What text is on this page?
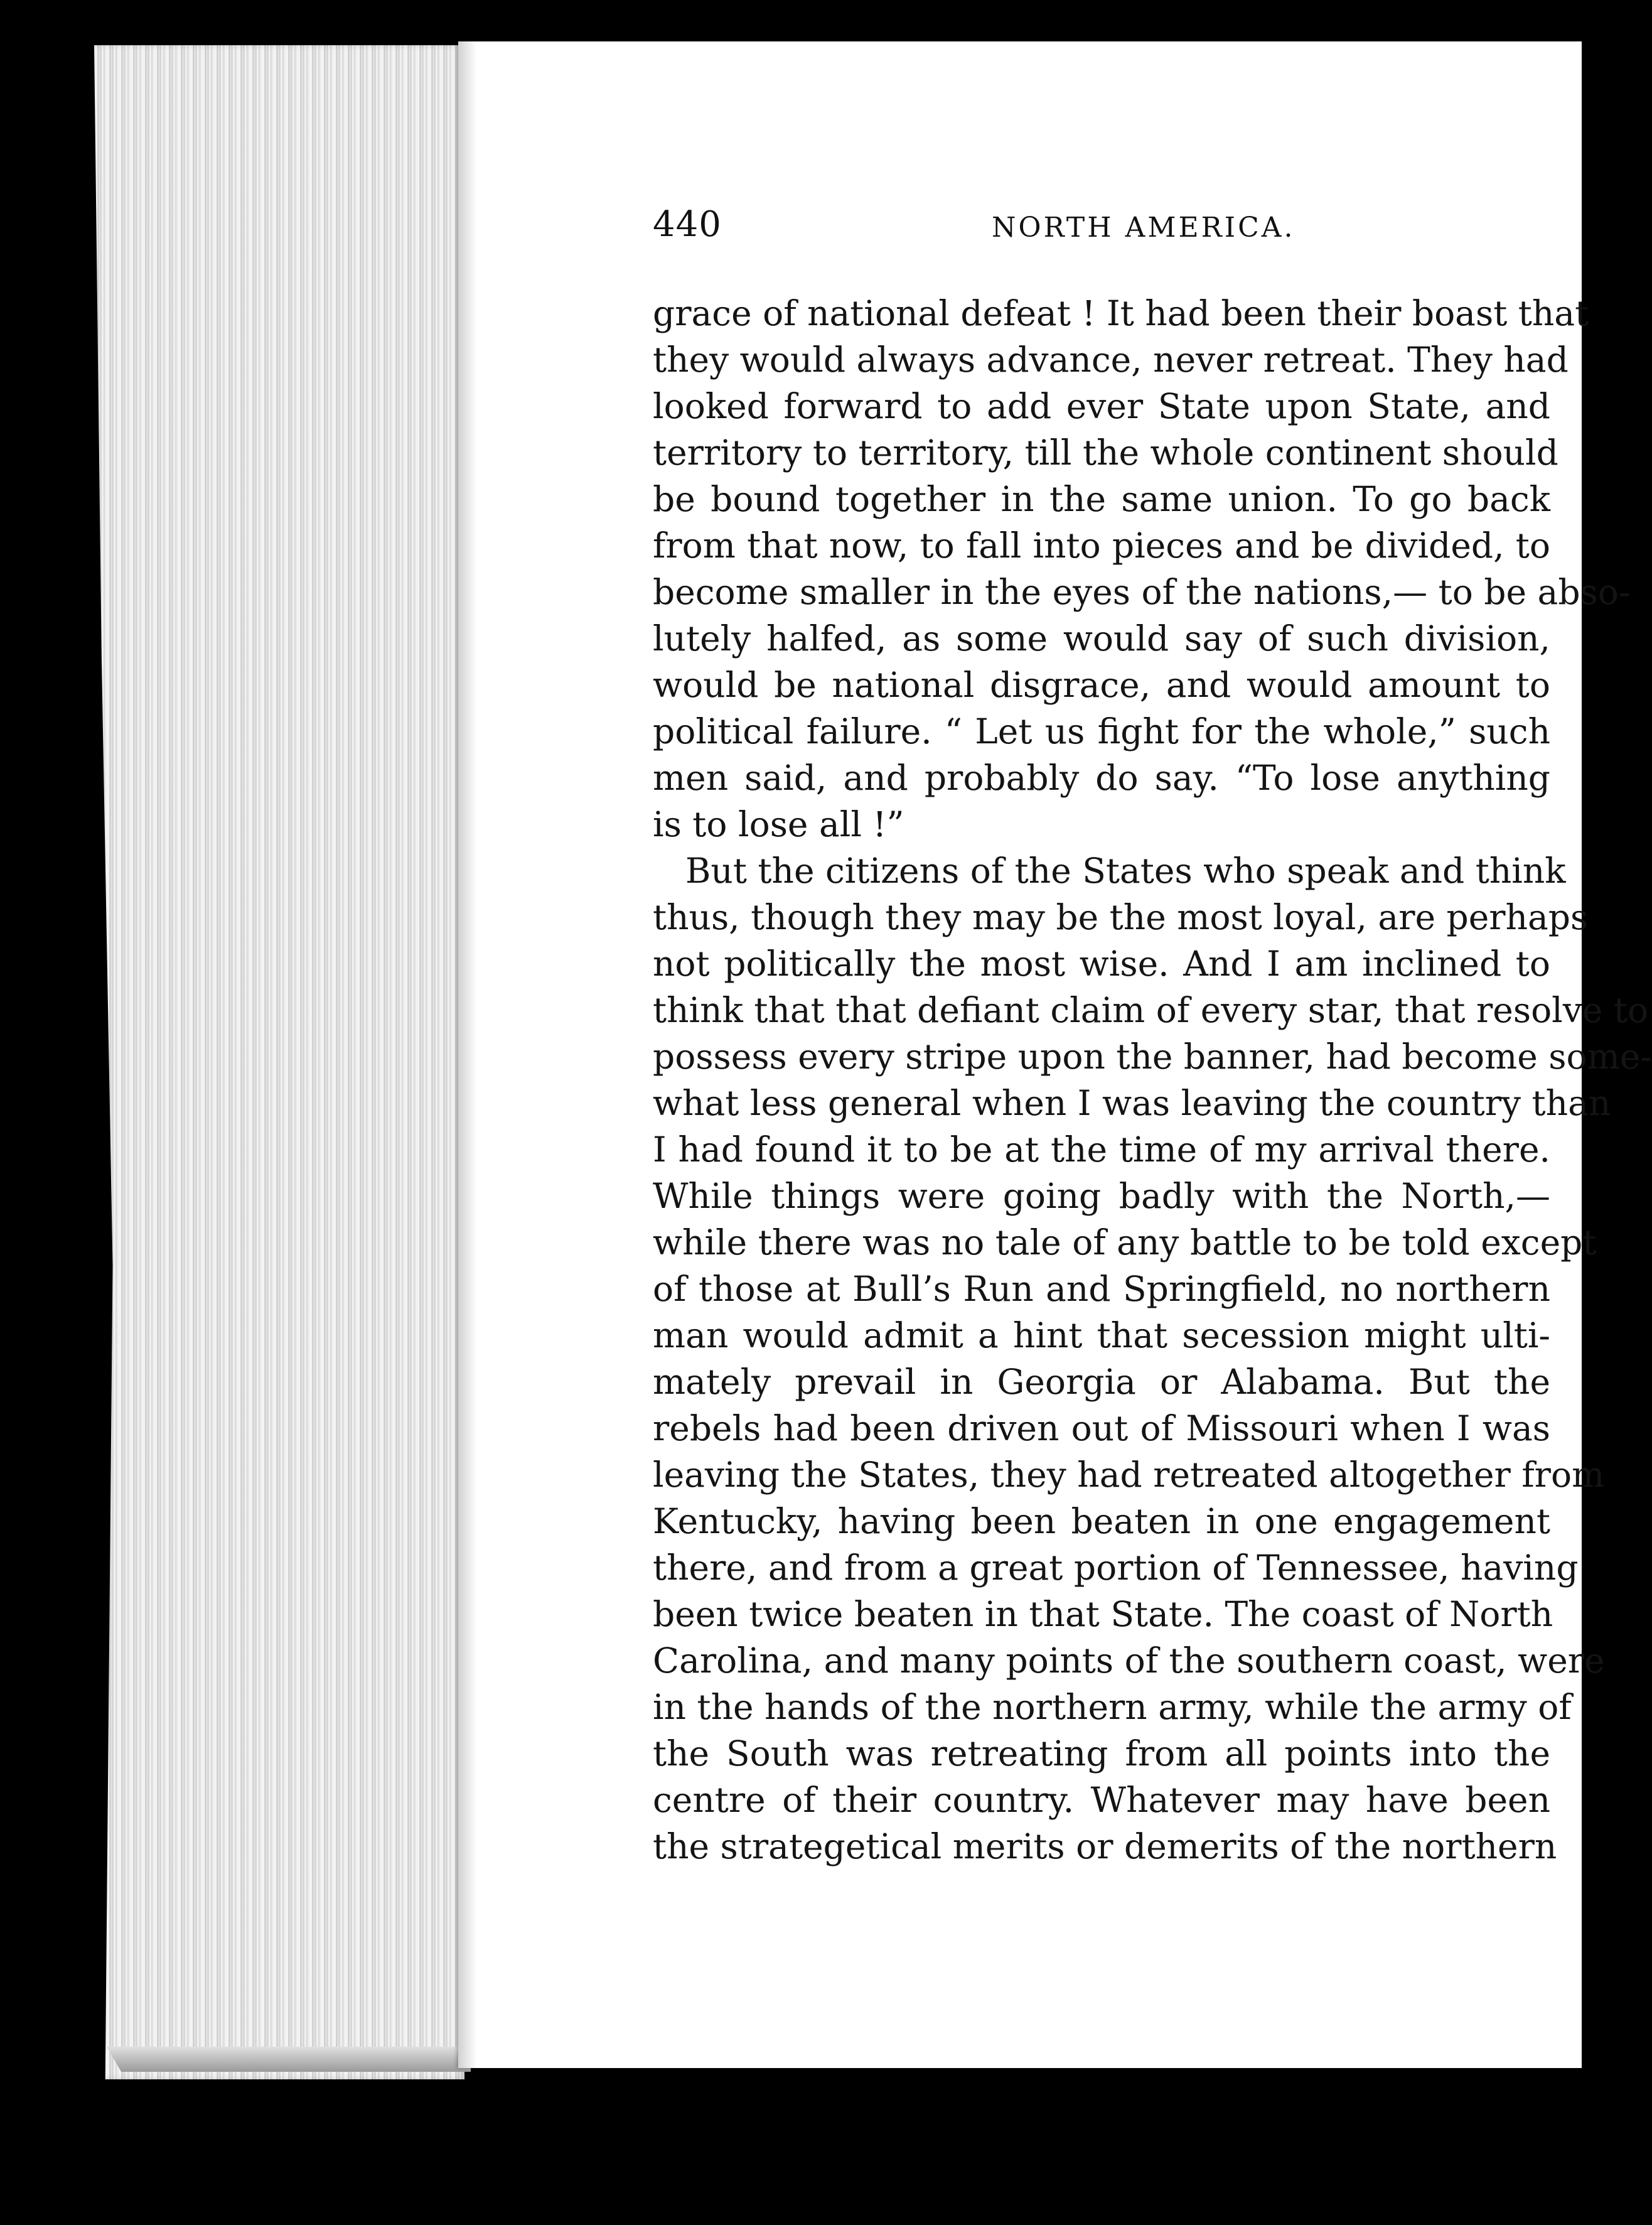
440	NORTH AMERICA.
grace of national defeat ! It had been their boast that
they would always advance, never retreat. They had
looked forward to add ever State upon State, and
territory to territory, till the whole continent should
be bound together in the same union. To go back
from that now, to fall into pieces and be divided, to
become smaller in the eyes of the nations,— to be abso-
lutely halfed, as some would say of such division,
would be national disgrace, and would amount to
political failure. “ Let us fight for the whole,” such
men said, and probably do say. “To lose anything
is to lose all !”
But the citizens of the States who speak and think
thus, though they may be the most loyal, are perhaps
not politically the most wise. And I am inclined to
think that that defiant claim of every star, that resolve to
possess every stripe upon the banner, had become some-
what less general when I was leaving the country than
I had found it to be at the time of my arrival there.
While things were going badly with the North,—
while there was no tale of any battle to be told except
of those at Bull’s Run and Springfield, no northern
man would admit a hint that secession might ulti-
mately prevail in Georgia or Alabama. But the
rebels had been driven out of Missouri when I was
leaving the States, they had retreated altogether from
Kentucky, having been beaten in one engagement
there, and from a great portion of Tennessee, having
been twice beaten in that State. The coast of North
Carolina, and many points of the southern coast, were
in the hands of the northern army, while the army of
the South was retreating from all points into the
centre of their country. Whatever may have been
the strategetical merits or demerits of the northern
